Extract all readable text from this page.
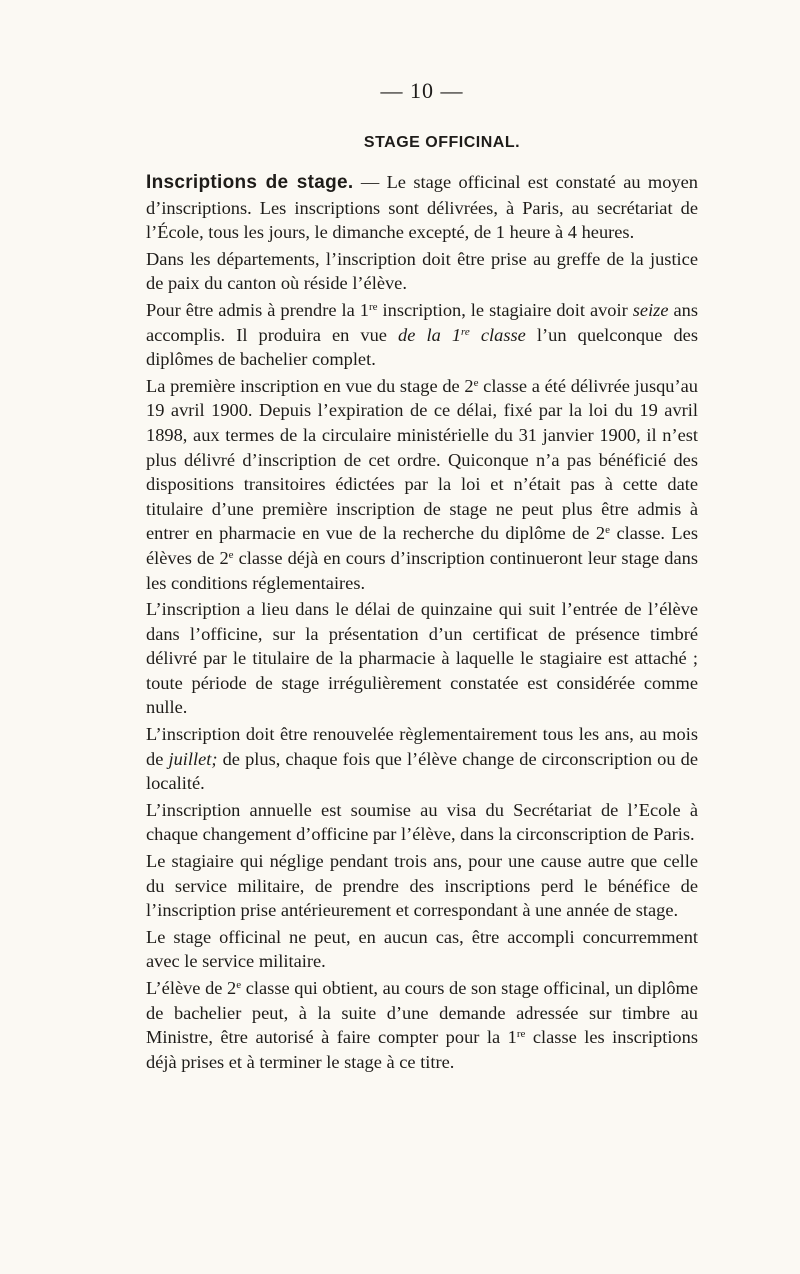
— 10 —
STAGE OFFICINAL.

Inscriptions de stage. — Le stage officinal est constaté au moyen d’inscriptions. Les inscriptions sont délivrées, à Paris, au secrétariat de l’École, tous les jours, le dimanche excepté, de 1 heure à 4 heures.

Dans les départements, l’inscription doit être prise au greffe de la justice de paix du canton où réside l’élève.

Pour être admis à prendre la 1re inscription, le stagiaire doit avoir seize ans accomplis. Il produira en vue de la 1re classe l’un quelconque des diplômes de bachelier complet.

La première inscription en vue du stage de 2e classe a été délivrée jusqu’au 19 avril 1900. Depuis l’expiration de ce délai, fixé par la loi du 19 avril 1898, aux termes de la circulaire ministérielle du 31 janvier 1900, il n’est plus délivré d’inscription de cet ordre. Quiconque n’a pas bénéficié des dispositions transitoires édictées par la loi et n’était pas à cette date titulaire d’une première inscription de stage ne peut plus être admis à entrer en pharmacie en vue de la recherche du diplôme de 2e classe. Les élèves de 2e classe déjà en cours d’inscription continueront leur stage dans les conditions réglementaires.

L’inscription a lieu dans le délai de quinzaine qui suit l’entrée de l’élève dans l’officine, sur la présentation d’un certificat de présence timbré délivré par le titulaire de la pharmacie à laquelle le stagiaire est attaché ; toute période de stage irrégulièrement constatée est considérée comme nulle.

L’inscription doit être renouvelée règlementairement tous les ans, au mois de juillet; de plus, chaque fois que l’élève change de circonscription ou de localité.

L’inscription annuelle est soumise au visa du Secrétariat de l’Ecole à chaque changement d’officine par l’élève, dans la circonscription de Paris.

Le stagiaire qui néglige pendant trois ans, pour une cause autre que celle du service militaire, de prendre des inscriptions perd le bénéfice de l’inscription prise antérieurement et correspondant à une année de stage.

Le stage officinal ne peut, en aucun cas, être accompli concurremment avec le service militaire.

L’élève de 2e classe qui obtient, au cours de son stage officinal, un diplôme de bachelier peut, à la suite d’une demande adressée sur timbre au Ministre, être autorisé à faire compter pour la 1re classe les inscriptions déjà prises et à terminer le stage à ce titre.
